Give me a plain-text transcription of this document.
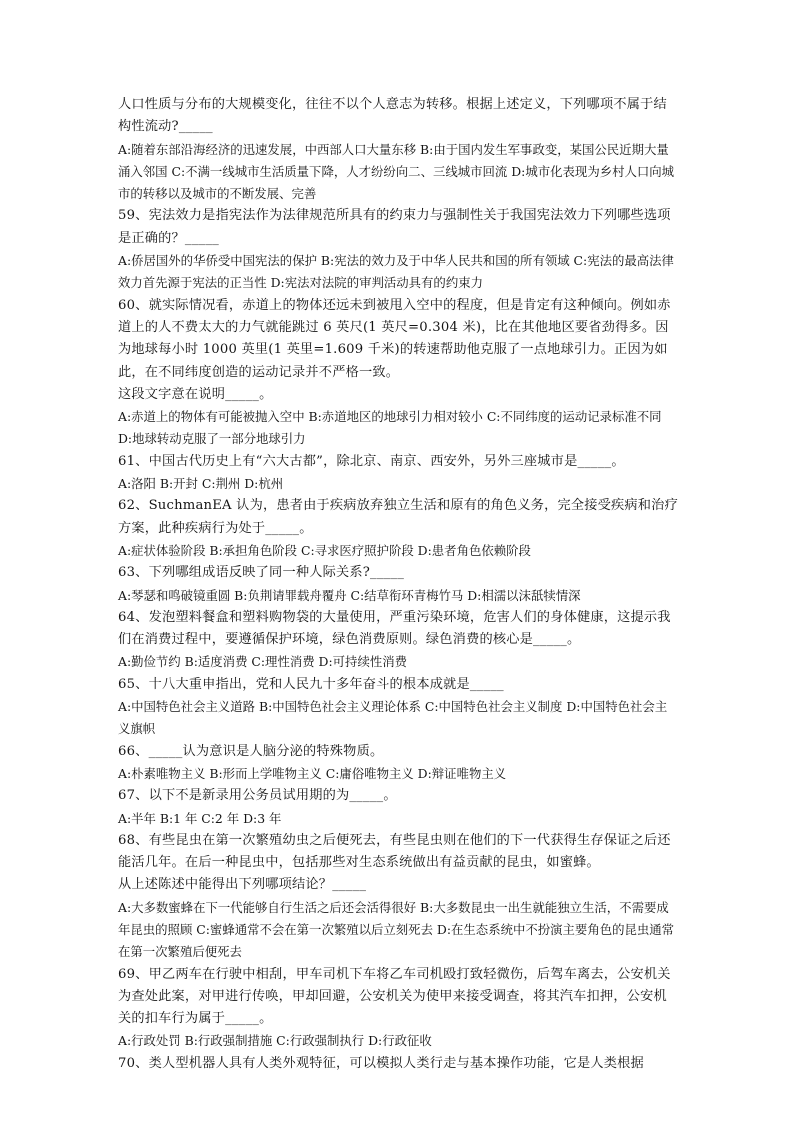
人口性质与分布的大规模变化，往往不以个人意志为转移。根据上述定义，下列哪项不属于结构性流动?_____

A:随着东部沿海经济的迅速发展，中西部人口大量东移 B:由于国内发生军事政变，某国公民近期大量涌入邻国 C:不满一线城市生活质量下降，人才纷纷向二、三线城市回流 D:城市化表现为乡村人口向城市的转移以及城市的不断发展、完善

59、宪法效力是指宪法作为法律规范所具有的约束力与强制性关于我国宪法效力下列哪些选项是正确的？_____

A:侨居国外的华侨受中国宪法的保护 B:宪法的效力及于中华人民共和国的所有领域 C:宪法的最高法律效力首先源于宪法的正当性 D:宪法对法院的审判活动具有的约束力

60、就实际情况看，赤道上的物体还远未到被甩入空中的程度，但是肯定有这种倾向。例如赤道上的人不费太大的力气就能跳过 6 英尺(1 英尺=0.304 米)，比在其他地区要省劲得多。因为地球每小时 1000 英里(1 英里=1.609 千米)的转速帮助他克服了一点地球引力。正因为如此，在不同纬度创造的运动记录并不严格一致。

这段文字意在说明_____。

A:赤道上的物体有可能被抛入空中 B:赤道地区的地球引力相对较小 C:不同纬度的运动记录标准不同 D:地球转动克服了一部分地球引力

61、中国古代历史上有“六大古都”，除北京、南京、西安外，另外三座城市是_____。

A:洛阳 B:开封 C:荆州 D:杭州

62、SuchmanEA 认为，患者由于疾病放弃独立生活和原有的角色义务，完全接受疾病和治疗方案，此种疾病行为处于_____。

A:症状体验阶段 B:承担角色阶段 C:寻求医疗照护阶段 D:患者角色依赖阶段

63、下列哪组成语反映了同一种人际关系?_____

A:琴瑟和鸣破镜重圆 B:负荆请罪载舟覆舟 C:结草衔环青梅竹马 D:相濡以沫舐犊情深

64、发泡塑料餐盒和塑料购物袋的大量使用，严重污染环境，危害人们的身体健康，这提示我们在消费过程中，要遵循保护环境，绿色消费原则。绿色消费的核心是_____。

A:勤俭节约 B:适度消费 C:理性消费 D:可持续性消费

65、十八大重申指出，党和人民九十多年奋斗的根本成就是_____

A:中国特色社会主义道路 B:中国特色社会主义理论体系 C:中国特色社会主义制度 D:中国特色社会主义旗帜

66、_____认为意识是人脑分泌的特殊物质。

A:朴素唯物主义 B:形而上学唯物主义 C:庸俗唯物主义 D:辩证唯物主义

67、以下不是新录用公务员试用期的为_____。

A:半年 B:1 年 C:2 年 D:3 年

68、有些昆虫在第一次繁殖幼虫之后便死去，有些昆虫则在他们的下一代获得生存保证之后还能活几年。在后一种昆虫中，包括那些对生态系统做出有益贡献的昆虫，如蜜蜂。

从上述陈述中能得出下列哪项结论？_____

A:大多数蜜蜂在下一代能够自行生活之后还会活得很好 B:大多数昆虫一出生就能独立生活，不需要成年昆虫的照顾 C:蜜蜂通常不会在第一次繁殖以后立刻死去 D:在生态系统中不扮演主要角色的昆虫通常在第一次繁殖后便死去

69、甲乙两车在行驶中相刮，甲车司机下车将乙车司机殴打致轻微伤，后驾车离去，公安机关为查处此案，对甲进行传唤，甲却回避，公安机关为使甲来接受调查，将其汽车扣押，公安机关的扣车行为属于_____。

A:行政处罚 B:行政强制措施 C:行政强制执行 D:行政征收

70、类人型机器人具有人类外观特征，可以模拟人类行走与基本操作功能，它是人类根据
